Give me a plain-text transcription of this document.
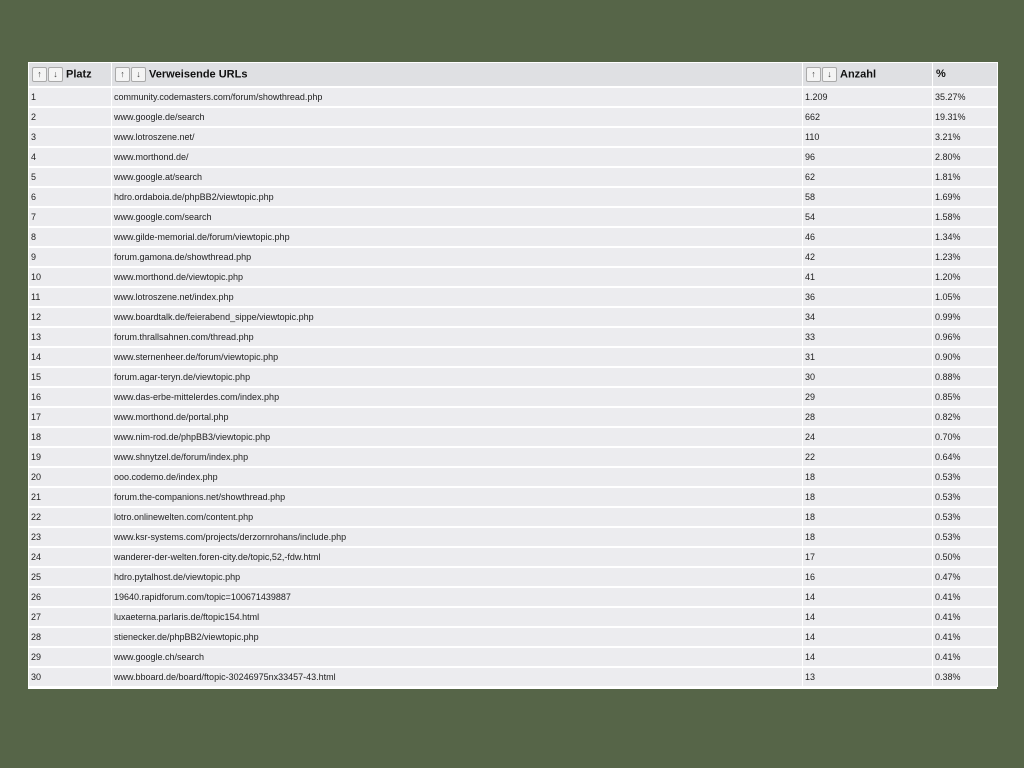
↑ ↓ Platz	↑ ↓ Verweisende URLs	↑ ↓ Anzahl	%
1	community.codemasters.com/forum/showthread.php	1.209	35.27%
2	www.google.de/search	662	19.31%
3	www.lotroszene.net/	110	3.21%
4	www.morthond.de/	96	2.80%
5	www.google.at/search	62	1.81%
6	hdro.ordaboia.de/phpBB2/viewtopic.php	58	1.69%
7	www.google.com/search	54	1.58%
8	www.gilde-memorial.de/forum/viewtopic.php	46	1.34%
9	forum.gamona.de/showthread.php	42	1.23%
10	www.morthond.de/viewtopic.php	41	1.20%
11	www.lotroszene.net/index.php	36	1.05%
12	www.boardtalk.de/feierabend_sippe/viewtopic.php	34	0.99%
13	forum.thrallsahnen.com/thread.php	33	0.96%
14	www.sternenheer.de/forum/viewtopic.php	31	0.90%
15	forum.agar-teryn.de/viewtopic.php	30	0.88%
16	www.das-erbe-mittelerdes.com/index.php	29	0.85%
17	www.morthond.de/portal.php	28	0.82%
18	www.nim-rod.de/phpBB3/viewtopic.php	24	0.70%
19	www.shnytzel.de/forum/index.php	22	0.64%
20	ooo.codemo.de/index.php	18	0.53%
21	forum.the-companions.net/showthread.php	18	0.53%
22	lotro.onlinewelten.com/content.php	18	0.53%
23	www.ksr-systems.com/projects/derzornrohans/include.php	18	0.53%
24	wanderer-der-welten.foren-city.de/topic,52,-fdw.html	17	0.50%
25	hdro.pytalhost.de/viewtopic.php	16	0.47%
26	19640.rapidforum.com/topic=100671439887	14	0.41%
27	luxaeterna.parlaris.de/ftopic154.html	14	0.41%
28	stienecker.de/phpBB2/viewtopic.php	14	0.41%
29	www.google.ch/search	14	0.41%
30	www.bboard.de/board/ftopic-30246975nx33457-43.html	13	0.38%
